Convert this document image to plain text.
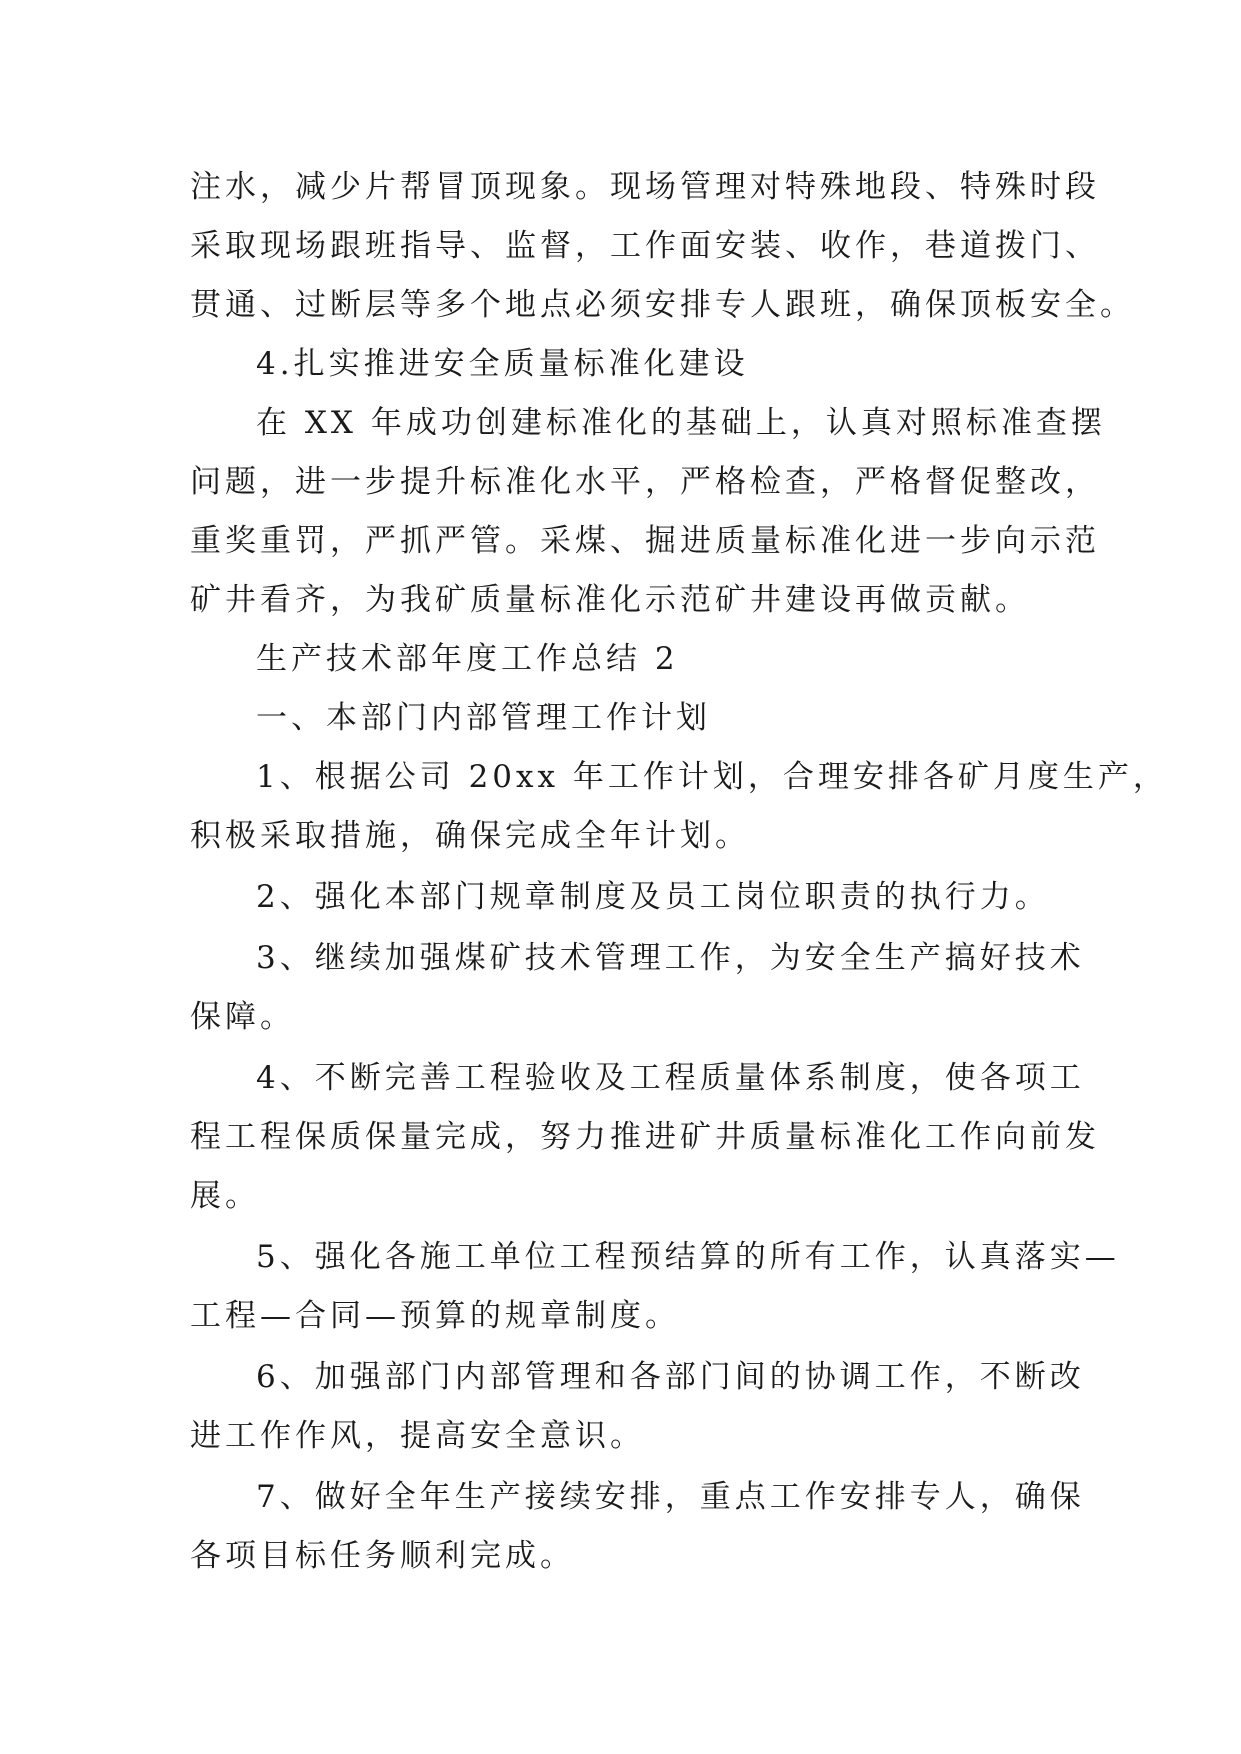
注水，减少片帮冒顶现象。现场管理对特殊地段、特殊时段
采取现场跟班指导、监督，工作面安装、收作，巷道拨门、
贯通、过断层等多个地点必须安排专人跟班，确保顶板安全。
4.扎实推进安全质量标准化建设
在 XX 年成功创建标准化的基础上，认真对照标准查摆
问题，进一步提升标准化水平，严格检查，严格督促整改，
重奖重罚，严抓严管。采煤、掘进质量标准化进一步向示范
矿井看齐，为我矿质量标准化示范矿井建设再做贡献。
生产技术部年度工作总结 2
一、本部门内部管理工作计划
1、根据公司 20xx 年工作计划，合理安排各矿月度生产，
积极采取措施，确保完成全年计划。
2、强化本部门规章制度及员工岗位职责的执行力。
3、继续加强煤矿技术管理工作，为安全生产搞好技术
保障。
4、不断完善工程验收及工程质量体系制度，使各项工
程工程保质保量完成，努力推进矿井质量标准化工作向前发
展。
5、强化各施工单位工程预结算的所有工作，认真落实—
工程—合同—预算的规章制度。
6、加强部门内部管理和各部门间的协调工作，不断改
进工作作风，提高安全意识。
7、做好全年生产接续安排，重点工作安排专人，确保
各项目标任务顺利完成。
